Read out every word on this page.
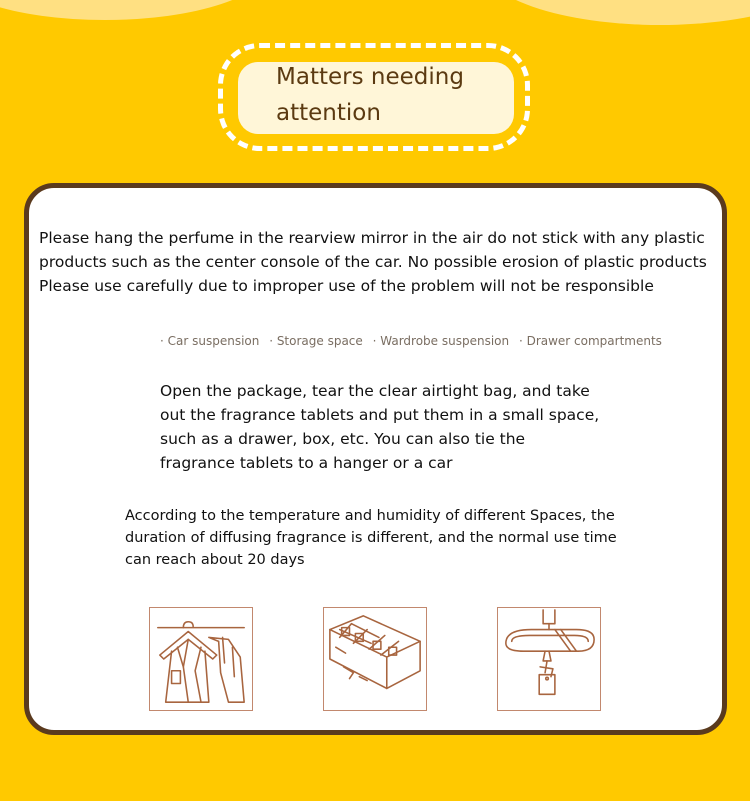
Matters needing
attention

Please hang the perfume in the rearview mirror in the air do not stick with any plastic products such as the center console of the car. No possible erosion of plastic products Please use carefully due to improper use of the problem will not be responsible

· Car suspension · Storage space · Wardrobe suspension · Drawer compartments

Open the package, tear the clear airtight bag, and take out the fragrance tablets and put them in a small space, such as a drawer, box, etc. You can also tie the fragrance tablets to a hanger or a car

According to the temperature and humidity of different Spaces, the duration of diffusing fragrance is different, and the normal use time can reach about 20 days
